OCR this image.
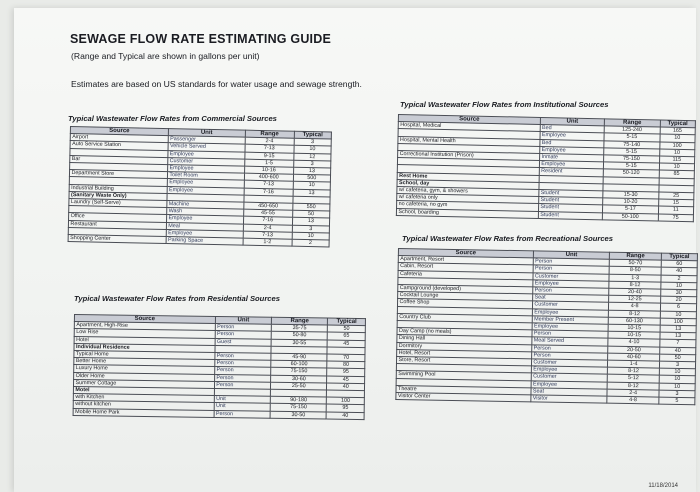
SEWAGE FLOW RATE ESTIMATING GUIDE
(Range and Typical are shown in gallons per unit)
Estimates are based on US standards for water usage and sewage strength.
Typical Wastewater Flow Rates from Commercial Sources
Source	Unit	Range	Typical
Airport	Passenger	2-4	3
Auto Service Station	Vehicle Served	7-13	10
	Employee	9-15	12
Bar	Customer	1-5	3
	Employee	10-16	13
Department Store	Toilet Room	400-600	500
	Employee	7-13	10
Industrial Building	Employee	7-16	13
(Sanitary Waste Only)			
Laundry (Self-Serve)	Machine	450-650	550
	Wash	45-55	50
Office	Employee	7-16	13
Restaurant	Meal	2-4	3
	Employee	7-13	10
Shopping Center	Parking Space	1-2	2
Typical Wastewater Flow Rates from Residential Sources
Source	Unit	Range	Typical
Apartment, High-Rise	Person	35-75	50
Low Rise	Person	50-80	65
Hotel	Guest	30-55	45
Individual Residence			
Typical Home	Person	45-90	70
Better Home	Person	60-100	80
Luxury Home	Person	75-150	95
Older Home	Person	30-60	45
Summer Cottage	Person	25-50	40
Motel			
with Kitchen	Unit	90-180	100
without kitchen	Unit	75-150	95
Mobile Home Park	Person	30-50	40
Typical Wastewater Flow Rates from Institutional Sources
Source	Unit	Range	Typical
Hospital, Medical	Bed	125-240	165
	Employee	5-15	10
Hospital, Mental Health	Bed	75-140	100
	Employee	5-15	10
Correctional Institution (Prison)	Inmate	75-150	115
	Employee	5-15	10
	Resident	50-120	85
Rest Home			
School, day			
w/ cafeteria, gym, & showers	Student	15-30	25
w/ cafeteria only	Student	10-20	15
no cafeteria, no gym	Student	5-17	11
School, boarding	Student	50-100	75
Typical Wastewater Flow Rates from Recreational Sources
Source	Unit	Range	Typical
Apartment, Resort	Person	50-70	60
Cabin, Resort	Person	8-50	40
Cafeteria	Customer	1-3	2
	Employee	8-12	10
Campground (developed)	Person	20-40	30
Cocktail Lounge	Seat	12-25	20
Coffee Shop	Customer	4-8	6
	Employee	8-12	10
Country Club	Member Present	60-130	100
	Employee	10-15	13
Day Camp (no meals)	Person	10-15	13
Dining Hall	Meal Served	4-10	7
Dormitory	Person	20-50	40
Hotel, Resort	Person	40-60	50
Store, Resort	Customer	1-4	3
	Employee	8-12	10
Swimming Pool	Customer	5-12	10
	Employee	8-12	10
Theatre	Seat	2-4	3
Visitor Center	Visitor	4-8	5
11/18/2014
